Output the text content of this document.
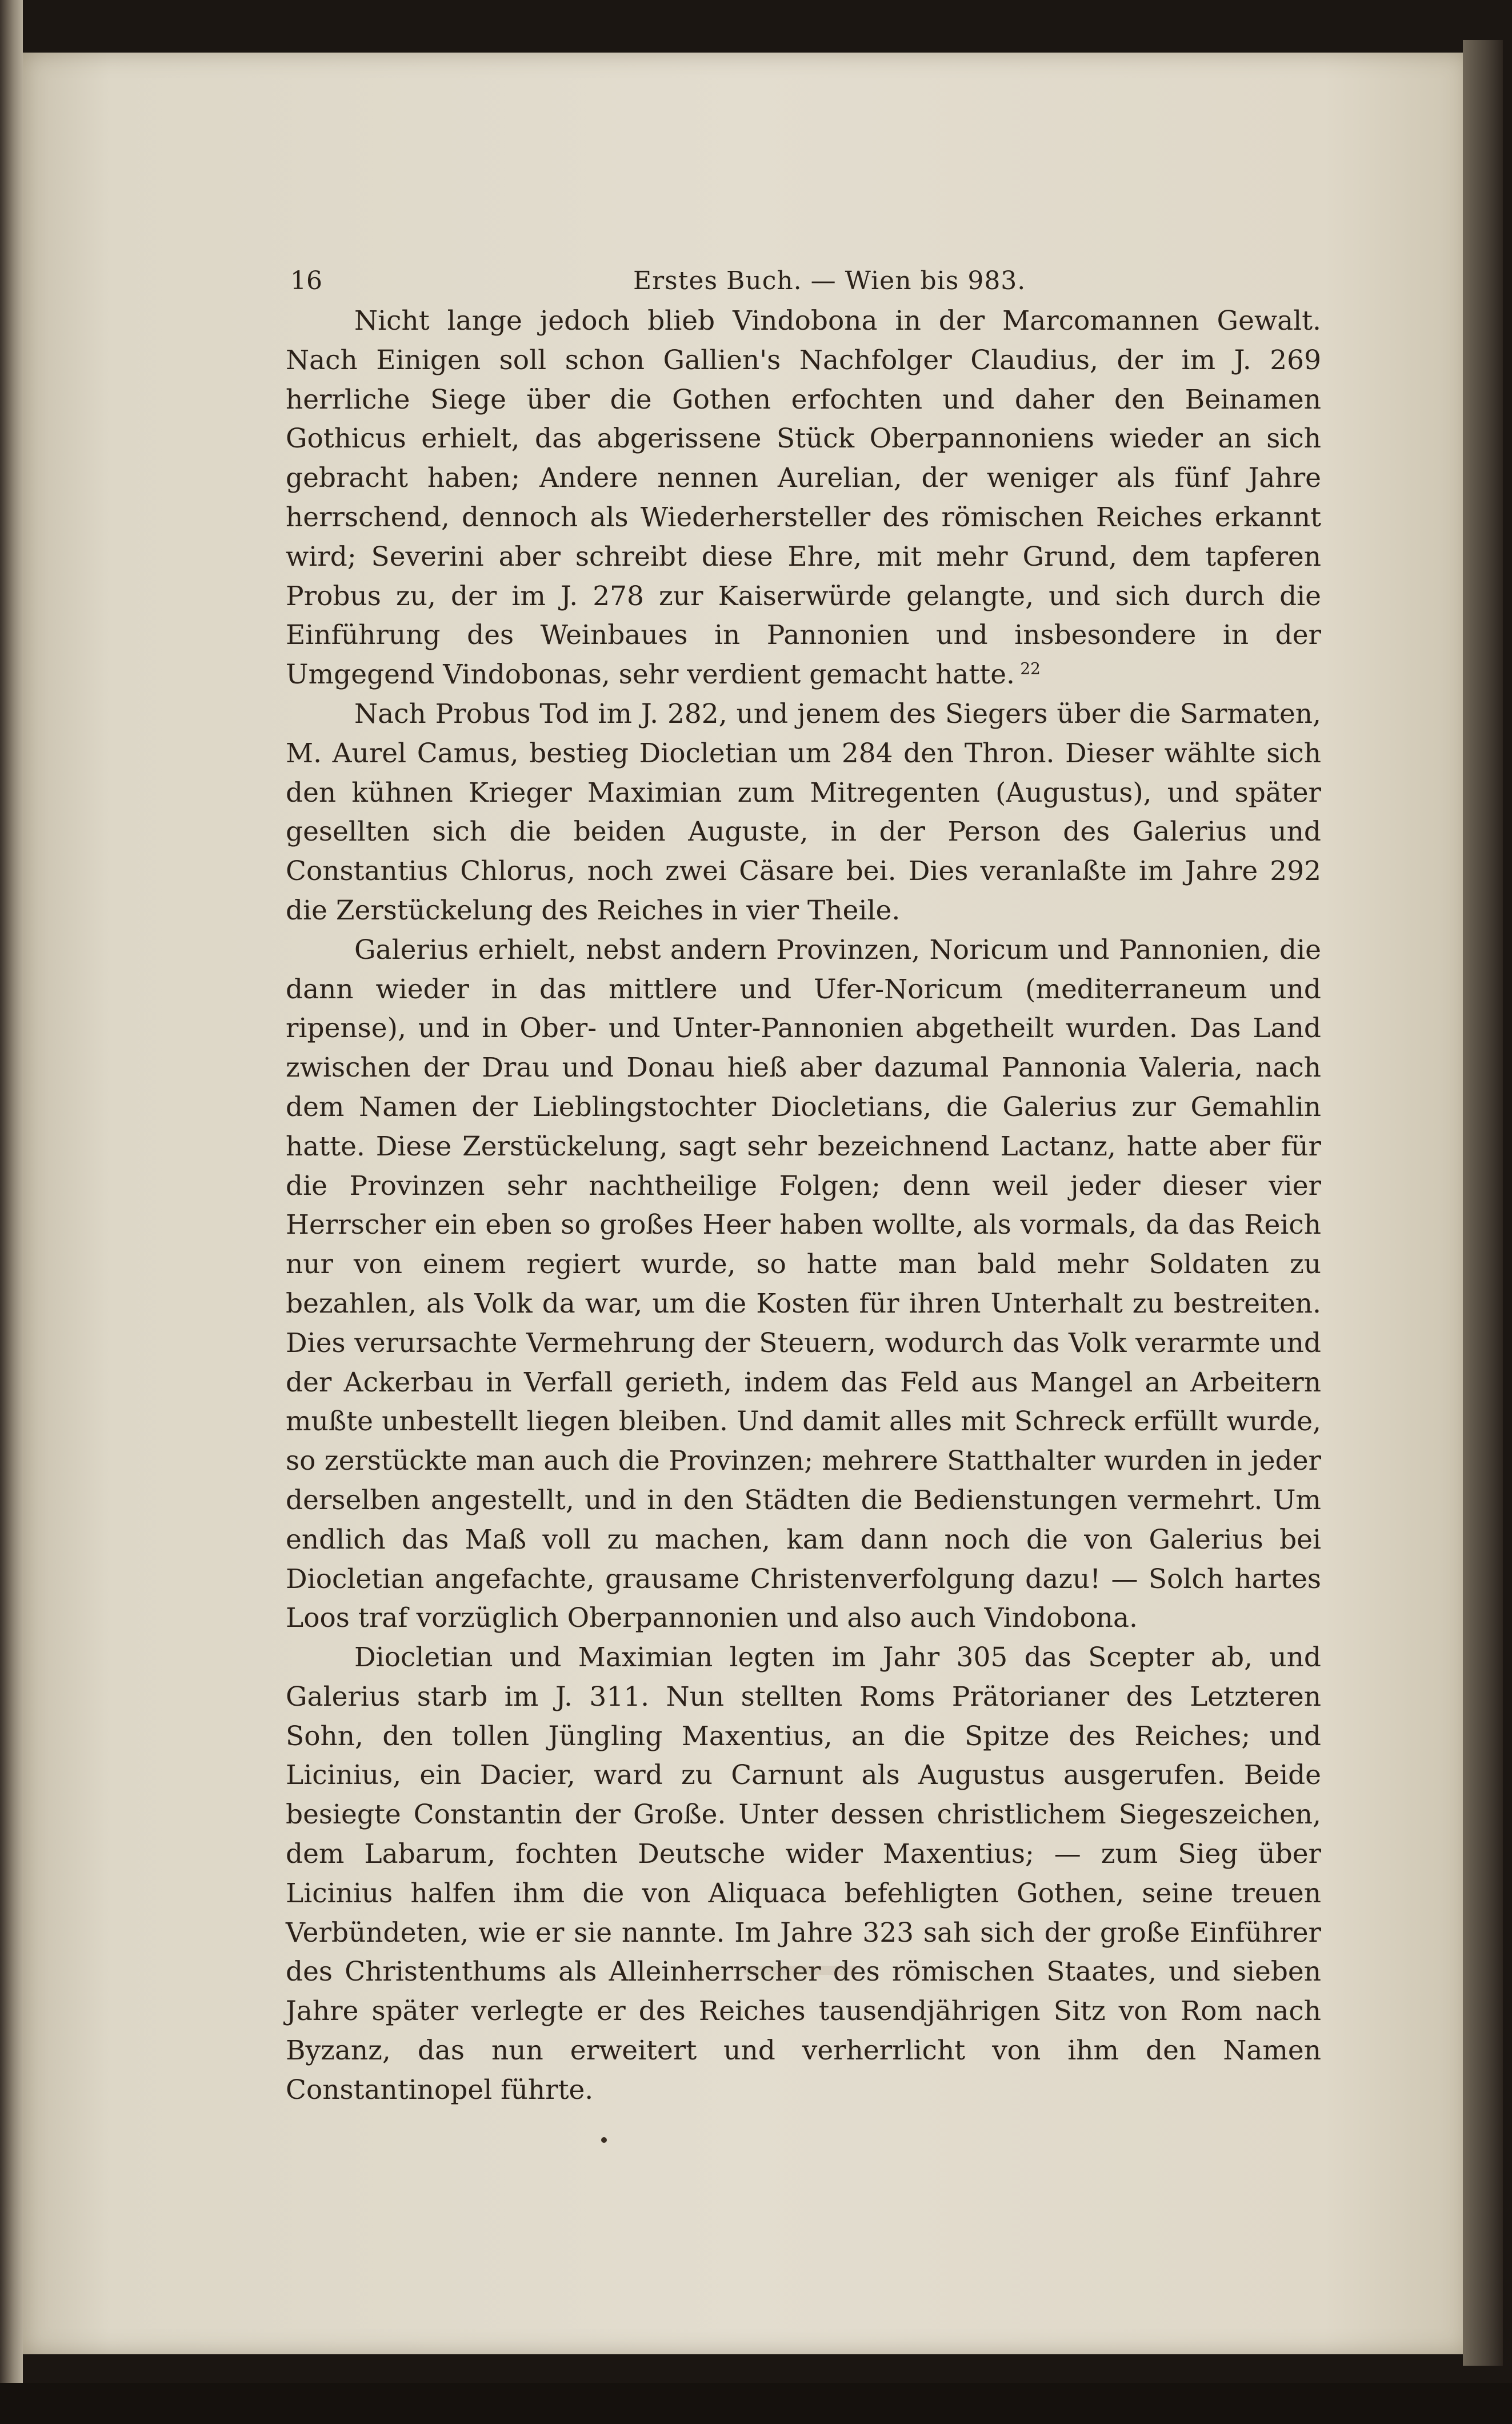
16	Erstes Buch. — Wien bis 983.

Nicht lange jedoch blieb Vindobona in der Marcomannen Gewalt. Nach Einigen soll schon Gallien's Nachfolger Claudius, der im J. 269 herrliche Siege über die Gothen erfochten und daher den Beinamen Gothicus erhielt, das abgerissene Stück Oberpannoniens wieder an sich gebracht haben; Andere nennen Aurelian, der weniger als fünf Jahre herrschend, dennoch als Wiederhersteller des römischen Reiches erkannt wird; Severini aber schreibt diese Ehre, mit mehr Grund, dem tapferen Probus zu, der im J. 278 zur Kaiserwürde gelangte, und sich durch die Einführung des Weinbaues in Pannonien und insbesondere in der Umgegend Vindobonas, sehr verdient gemacht hatte.  $^{22}$

Nach Probus Tod im J. 282, und jenem des Siegers über die Sarmaten, M. Aurel Camus, bestieg Diocletian um 284 den Thron. Dieser wählte sich den kühnen Krieger Maximian zum Mitregenten (Augustus), und später gesellten sich die beiden Auguste, in der Person des Galerius und Constantius Chlorus, noch zwei Cäsare bei. Dies veranlaßte im Jahre 292 die Zerstückelung des Reiches in vier Theile.

Galerius erhielt, nebst andern Provinzen, Noricum und Pannonien, die dann wieder in das mittlere und Ufer-Noricum (mediterraneum und ripense), und in Ober- und Unter-Pannonien abgetheilt wurden. Das Land zwischen der Drau und Donau hieß aber dazumal Pannonia Valeria, nach dem Namen der Lieblingstochter Diocletians, die Galerius zur Gemahlin hatte. Diese Zerstückelung, sagt sehr bezeichnend Lactanz, hatte aber für die Provinzen sehr nachtheilige Folgen; denn weil jeder dieser vier Herrscher ein eben so großes Heer haben wollte, als vormals, da das Reich nur von einem regiert wurde, so hatte man bald mehr Soldaten zu bezahlen, als Volk da war, um die Kosten für ihren Unterhalt zu bestreiten. Dies verursachte Vermehrung der Steuern, wodurch das Volk verarmte und der Ackerbau in Verfall gerieth, indem das Feld aus Mangel an Arbeitern mußte unbestellt liegen bleiben. Und damit alles mit Schreck erfüllt wurde, so zerstückte man auch die Provinzen; mehrere Statthalter wurden in jeder derselben angestellt, und in den Städten die Bedienstungen vermehrt. Um endlich das Maß voll zu machen, kam dann noch die von Galerius bei Diocletian angefachte, grausame Christenverfolgung dazu! — Solch hartes Loos traf vorzüglich Oberpannonien und also auch Vindobona.

Diocletian und Maximian legten im Jahr 305 das Scepter ab, und Galerius starb im J. 311. Nun stellten Roms Prätorianer des Letzteren Sohn, den tollen Jüngling Maxentius, an die Spitze des Reiches; und Licinius, ein Dacier, ward zu Carnunt als Augustus ausgerufen. Beide besiegte Constantin der Große. Unter dessen christlichem Siegeszeichen, dem Labarum, fochten Deutsche wider Maxentius; — zum Sieg über Licinius halfen ihm die von Aliquaca befehligten Gothen, seine treuen Verbündeten, wie er sie nannte. Im Jahre 323 sah sich der große Einführer des Christenthums als Alleinherrscher des römischen Staates, und sieben Jahre später verlegte er des Reiches tausendjährigen Sitz von Rom nach Byzanz, das nun erweitert und verherrlicht von ihm den Namen Constantinopel führte.
